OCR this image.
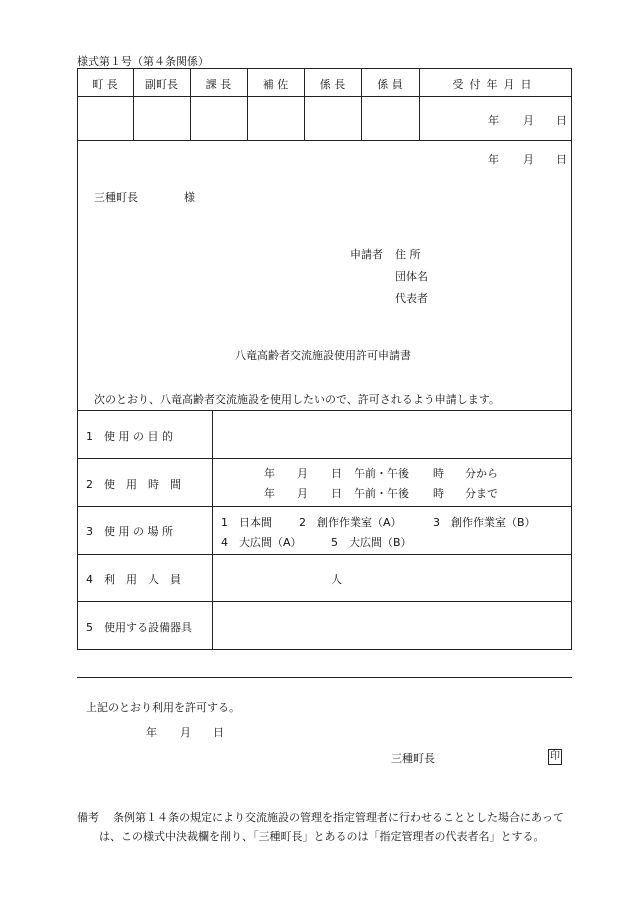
様式第１号（第４条関係）
町 長	副町長	課 長	補 佐	係 長	係 員	受付年月日
年 月 日
年 月 日
三種町長	様
申請者 住 所
団体名
代表者
八竜高齢者交流施設使用許可申請書
次のとおり、八竜高齢者交流施設を使用したいので、許可されるよう申請します。
1　使 用 の 目 的
2　使　用　時　間
年 月 日 午前・午後 時 分から
年 月 日 午前・午後 時 分まで
3　使 用 の 場 所
1　日本間 2　創作作業室（A）	3　創作作業室（B）
4　大広間（A）	5　大広間（B）
4　利　用　人　員	人
5　使用する設備器具
上記のとおり利用を許可する。
年 月 日
三種町長	印
備考 条例第１４条の規定により交流施設の管理を指定管理者に行わせることとした場合にあって
は、この様式中決裁欄を削り、「三種町長」とあるのは「指定管理者の代表者名」とする。
